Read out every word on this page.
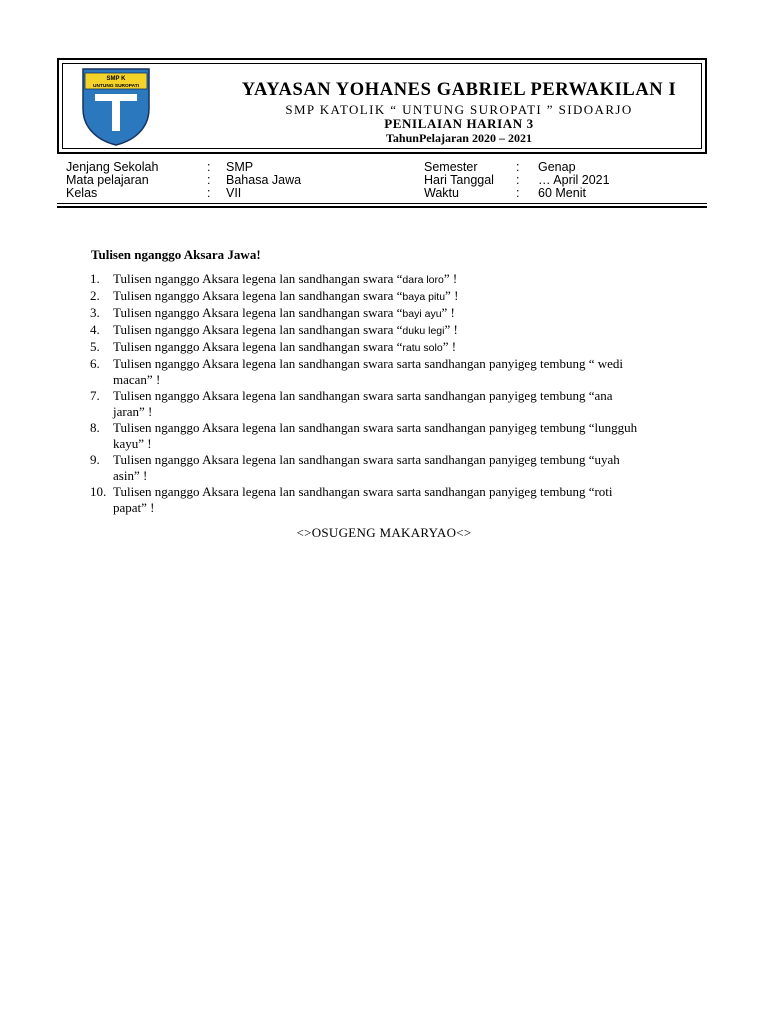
SMP K
UNTUNG SUROPATI	YAYASAN YOHANES GABRIEL PERWAKILAN I
SMP KATOLIK “ UNTUNG SUROPATI ” SIDOARJO
PENILAIAN HARIAN 3
TahunPelajaran 2020 – 2021
Jenjang Sekolah	: SMP	Semester	: Genap
Mata pelajaran	: Bahasa Jawa	Hari Tanggal : … April 2021
Kelas	: VII	Waktu	: 60 Menit
Tulisen nganggo Aksara Jawa!
1. Tulisen nganggo Aksara legena lan sandhangan swara “dara loro” !
2. Tulisen nganggo Aksara legena lan sandhangan swara “baya pitu” !
3. Tulisen nganggo Aksara legena lan sandhangan swara “bayi ayu” !
4. Tulisen nganggo Aksara legena lan sandhangan swara “duku legi” !
5. Tulisen nganggo Aksara legena lan sandhangan swara “ratu solo” !
6. Tulisen nganggo Aksara legena lan sandhangan swara sarta sandhangan panyigeg tembung “ wedi
macan” !
7. Tulisen nganggo Aksara legena lan sandhangan swara sarta sandhangan panyigeg tembung “ana
jaran” !
8. Tulisen nganggo Aksara legena lan sandhangan swara sarta sandhangan panyigeg tembung “lungguh
kayu” !
9. Tulisen nganggo Aksara legena lan sandhangan swara sarta sandhangan panyigeg tembung “uyah
asin” !
10. Tulisen nganggo Aksara legena lan sandhangan swara sarta sandhangan panyigeg tembung “roti
papat” !
<>OSUGENG MAKARYAO<>
